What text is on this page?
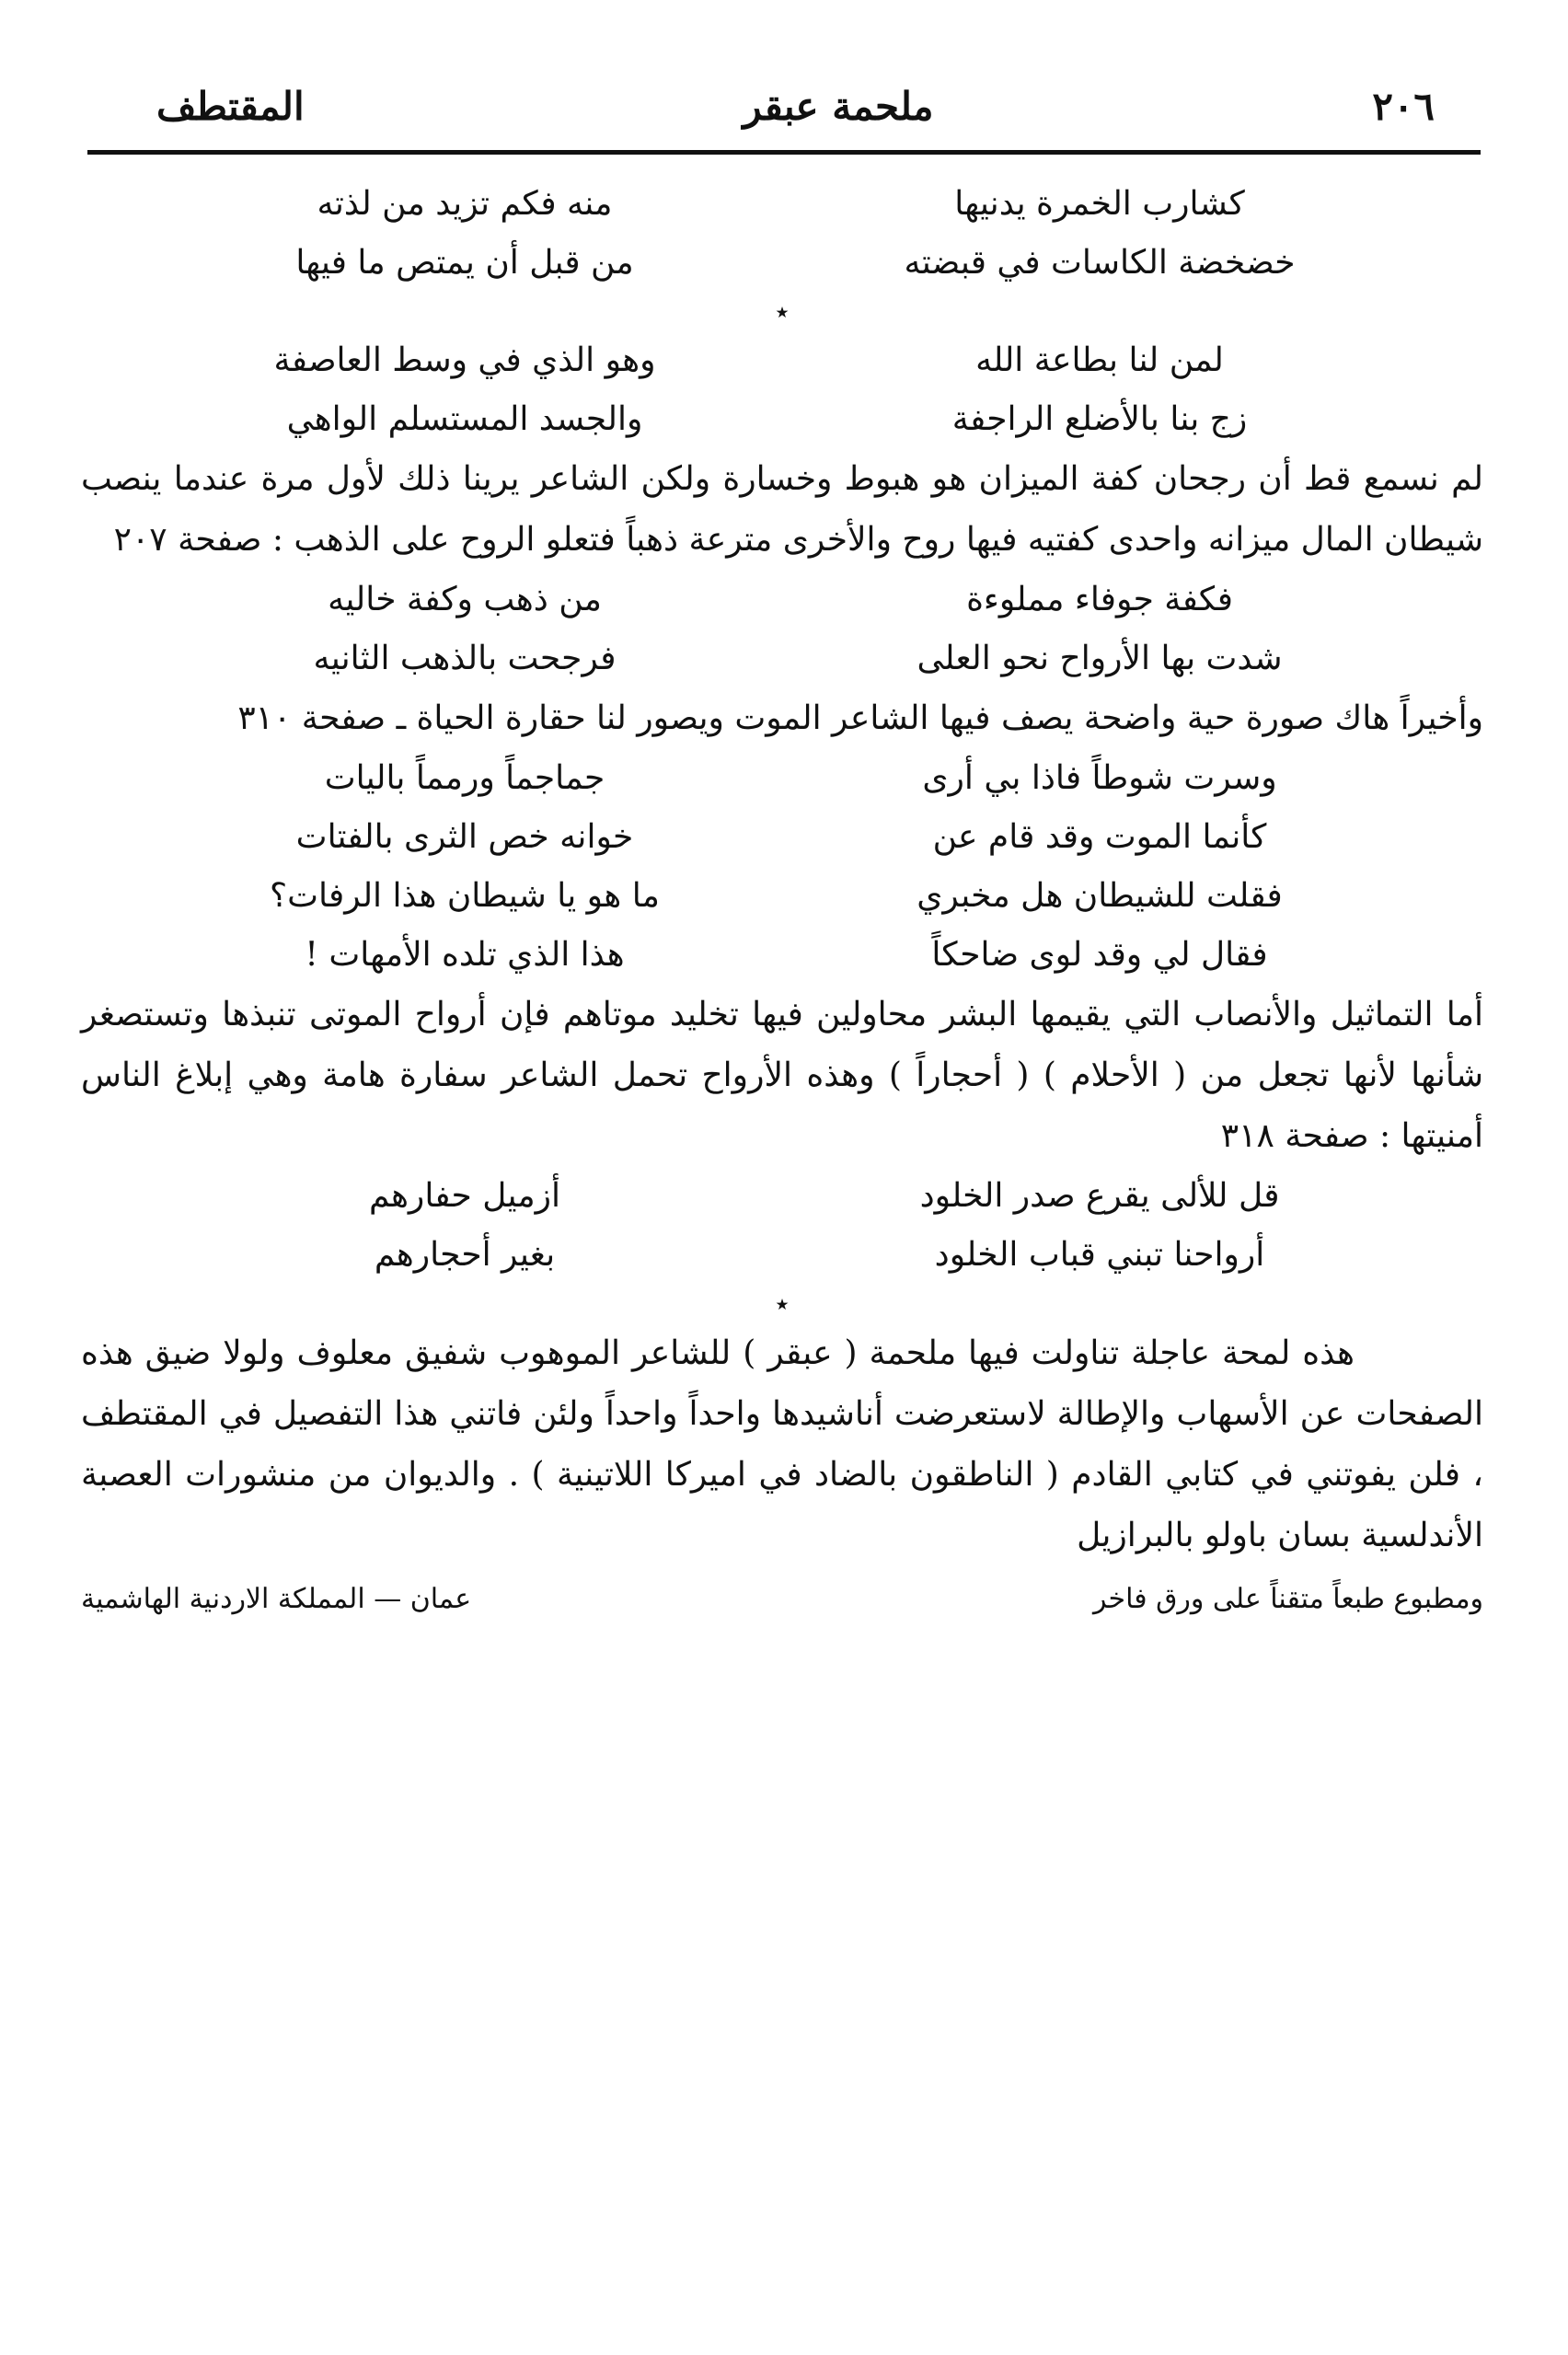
٢٠٦
ملحمة عبقر
المقتطف
كشارب الخمرة يدنيها
منه فكم تزيد من لذته
خضخضة الكاسات في قبضته
من قبل أن يمتص ما فيها
٭
لمن لنا بطاعة الله
وهو الذي في وسط العاصفة
زج بنا بالأضلع الراجفة
والجسد المستسلم الواهي

لم نسمع قط أن رجحان كفة الميزان هو هبوط وخسارة ولكن الشاعر يرينا ذلك لأول مرة عندما ينصب شيطان المال ميزانه واحدى كفتيه فيها روح والأخرى مترعة ذهباً فتعلو الروح على الذهب : صفحة ٢٠٧

فكفة جوفاء مملوءة
من ذهب وكفة خاليه
شدت بها الأرواح نحو العلى
فرجحت بالذهب الثانيه

وأخيراً هاك صورة حية واضحة يصف فيها الشاعر الموت ويصور لنا حقارة الحياة ـ صفحة ٣١٠

وسرت شوطاً فاذا بي أرى
جماجماً ورمماً باليات
كأنما الموت وقد قام عن
خوانه خص الثرى بالفتات
فقلت للشيطان هل مخبري
ما هو يا شيطان هذا الرفات؟
فقال لي وقد لوى ضاحكاً
هذا الذي تلده الأمهات !

أما التماثيل والأنصاب التي يقيمها البشر محاولين فيها تخليد موتاهم فإن أرواح الموتى تنبذها وتستصغر شأنها لأنها تجعل من ( الأحلام ) ( أحجاراً ) وهذه الأرواح تحمل الشاعر سفارة هامة وهي إبلاغ الناس أمنيتها : صفحة ٣١٨

قل للألى يقرع صدر الخلود
أزميل حفارهم
أرواحنا تبني قباب الخلود
بغير أحجارهم
٭

هذه لمحة عاجلة تناولت فيها ملحمة ( عبقر ) للشاعر الموهوب شفيق معلوف ولولا ضيق هذه الصفحات عن الأسهاب والإطالة لاستعرضت أناشيدها واحداً واحداً ولئن فاتني هذا التفصيل في المقتطف ، فلن يفوتني في كتابي القادم ( الناطقون بالضاد في اميركا اللاتينية ) . والديوان من منشورات العصبة الأندلسية بسان باولو بالبرازيل

ومطبوع طبعاً متقناً على ورق فاخر
عمان — المملكة الاردنية الهاشمية
